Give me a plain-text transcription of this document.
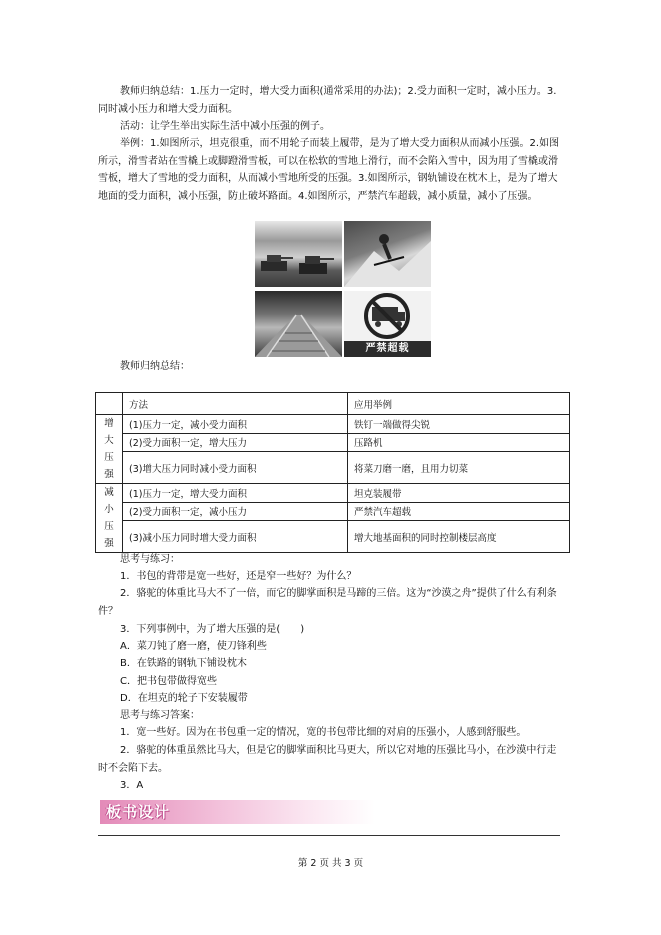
教师归纳总结：1.压力一定时，增大受力面积(通常采用的办法)；2.受力面积一定时，减小压力。3.同时减小压力和增大受力面积。
活动：让学生举出实际生活中减小压强的例子。
举例：1.如图所示，坦克很重，而不用轮子而装上履带，是为了增大受力面积从而减小压强。2.如图所示，滑雪者站在雪橇上或脚蹬滑雪板，可以在松软的雪地上滑行，而不会陷入雪中，因为用了雪橇或滑雪板，增大了雪地的受力面积，从而减小雪地所受的压强。3.如图所示，钢轨铺设在枕木上，是为了增大地面的受力面积，减小压强，防止破坏路面。4.如图所示，严禁汽车超载，减小质量，减小了压强。
严禁超载
教师归纳总结：
	方法	应用举例
增大压强	(1)压力一定，减小受力面积	铁钉一端做得尖锐
	(2)受力面积一定，增大压力	压路机
	(3)增大压力同时减小受力面积	将菜刀磨一磨，且用力切菜
减小压强	(1)压力一定，增大受力面积	坦克装履带
	(2)受力面积一定，减小压力	严禁汽车超载
	(3)减小压力同时增大受力面积	增大地基面积的同时控制楼层高度
思考与练习：
1．书包的背带是宽一些好，还是窄一些好？为什么？
2．骆驼的体重比马大不了一倍，而它的脚掌面积是马蹄的三倍。这为“沙漠之舟”提供了什么有利条件？
3．下列事例中，为了增大压强的是(　　)
A．菜刀钝了磨一磨，使刀锋利些
B．在铁路的钢轨下铺设枕木
C．把书包带做得宽些
D．在坦克的轮子下安装履带
思考与练习答案：
1．宽一些好。因为在书包重一定的情况，宽的书包带比细的对肩的压强小，人感到舒服些。
2．骆驼的体重虽然比马大，但是它的脚掌面积比马更大，所以它对地的压强比马小，在沙漠中行走时不会陷下去。
3．A
板书设计
第 2 页 共 3 页
